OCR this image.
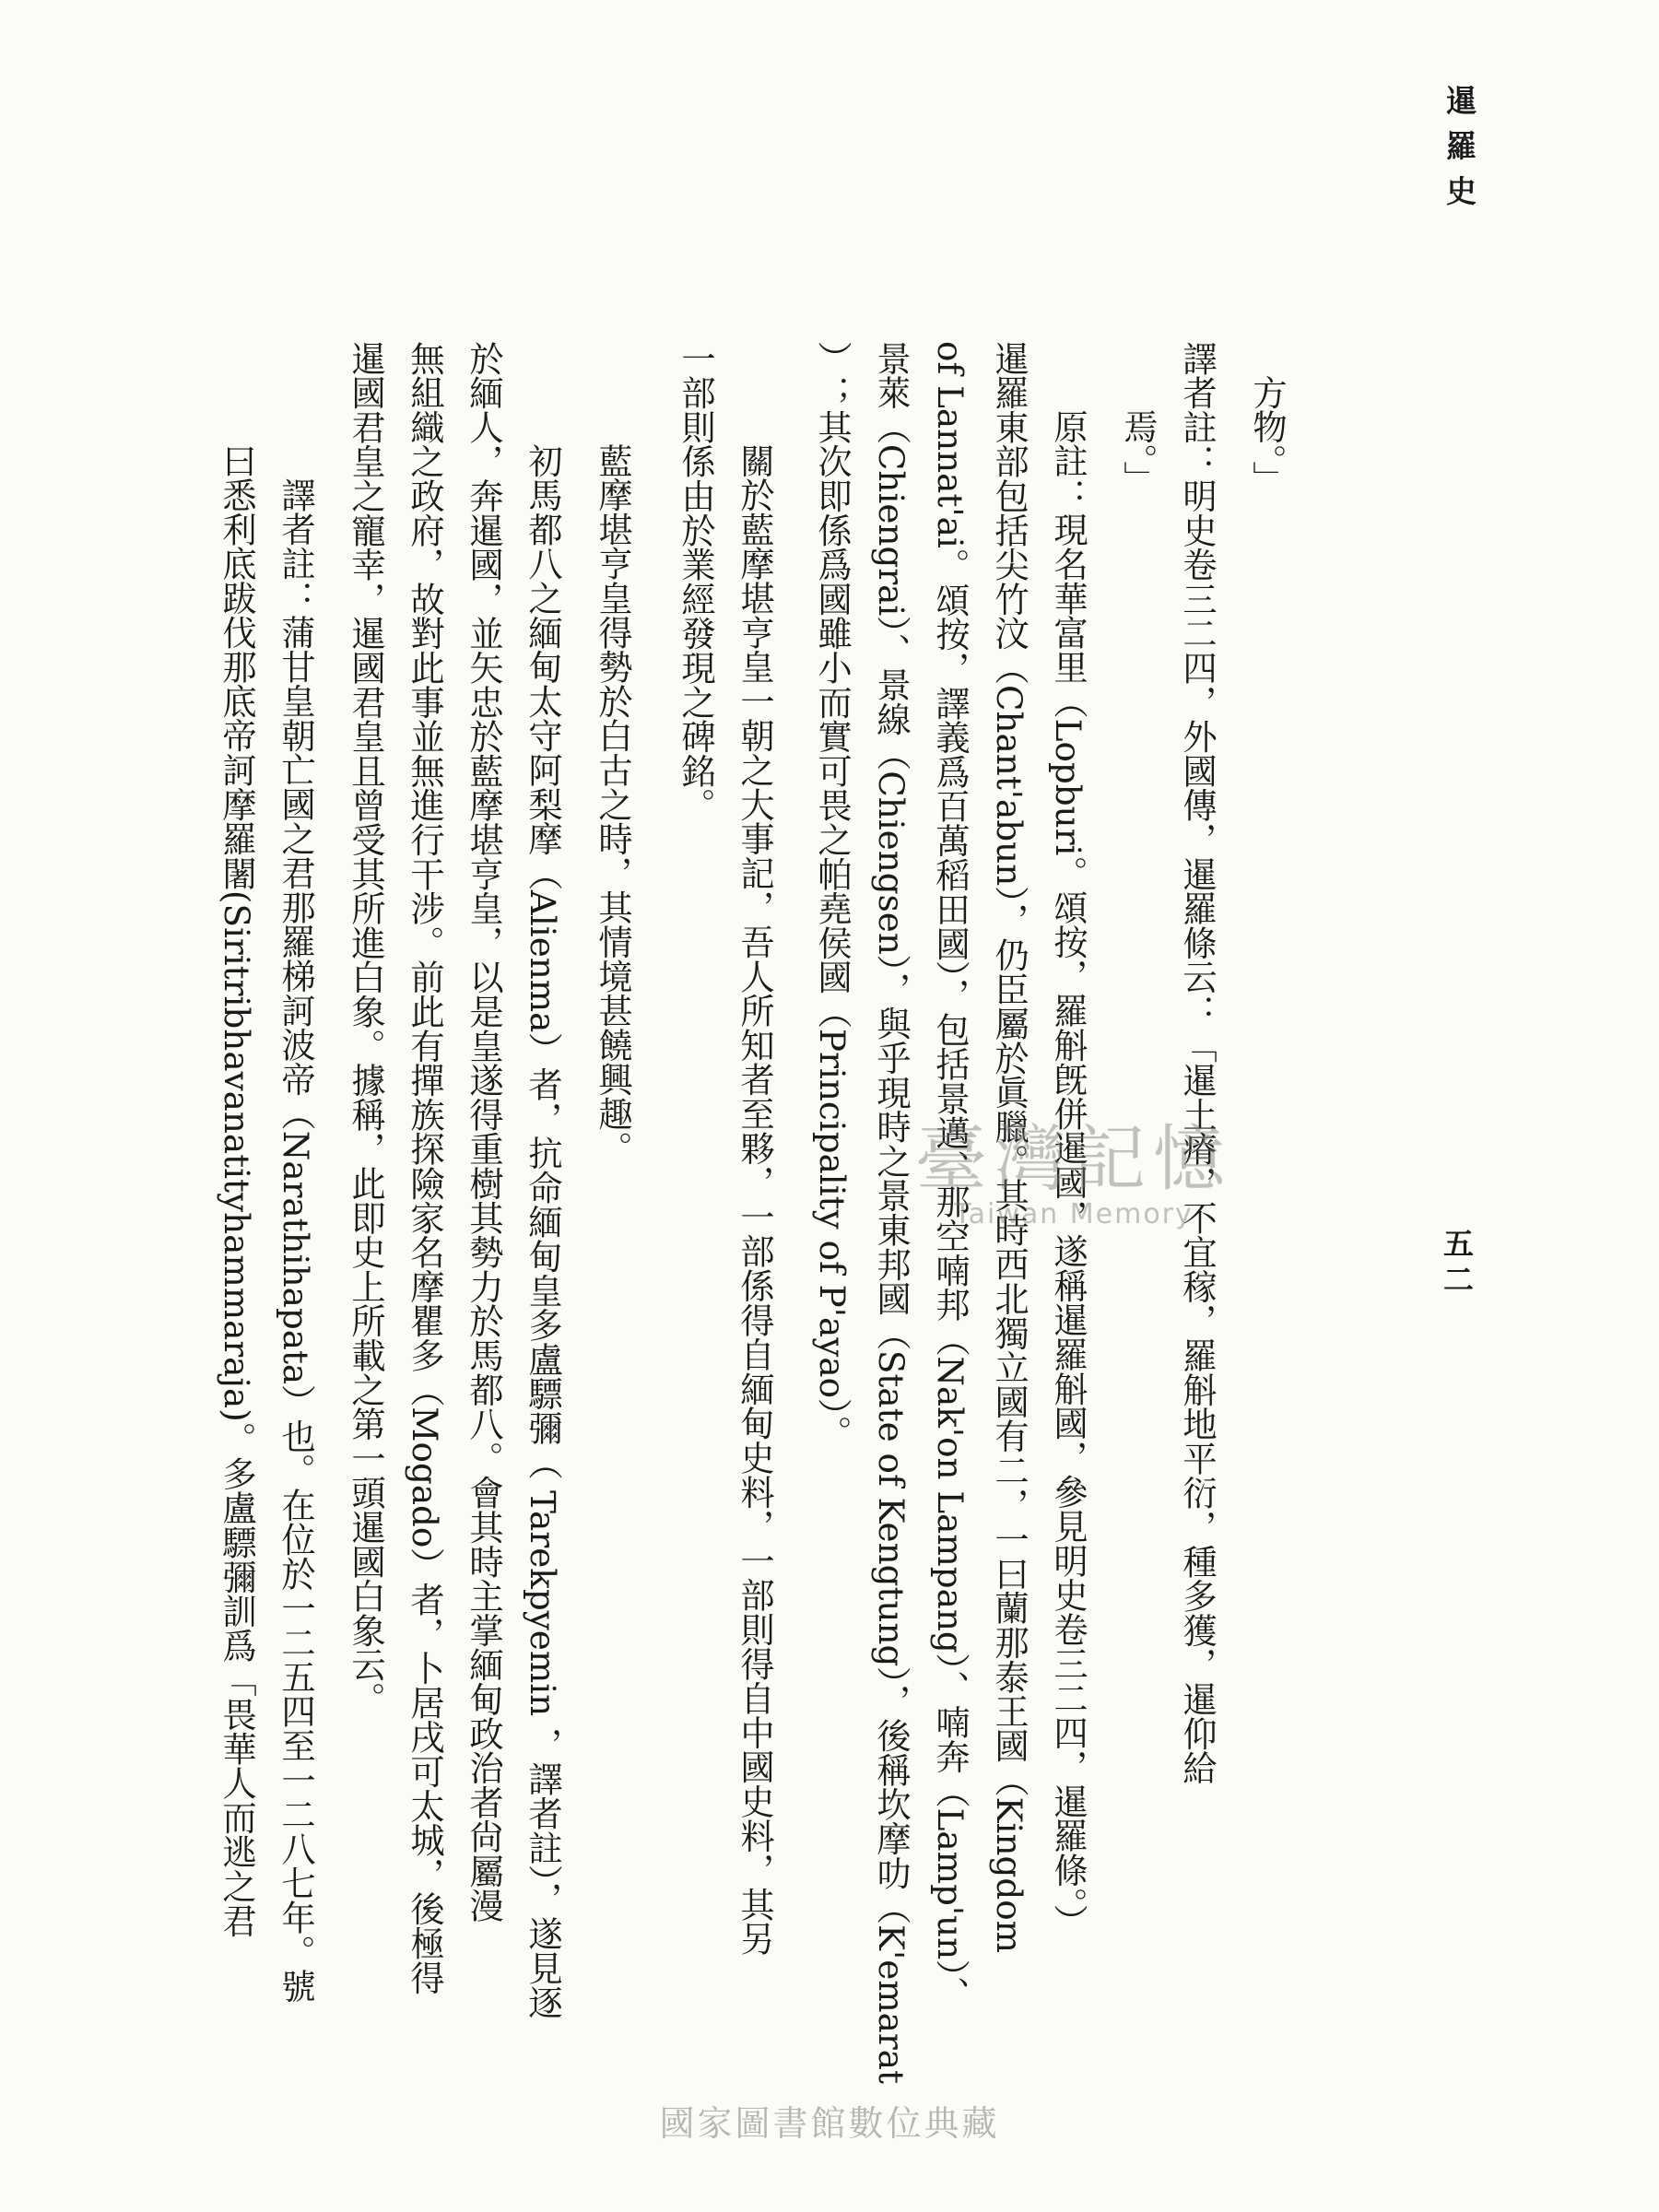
暹羅史
五二

方物。」

譯者註：明史卷三二四，外國傳，暹羅條云：「暹土瘠，不宜稼，羅斛地平衍，種多獲，暹仰給

焉。」

原註：現名華富里（Lopburi。頌按，羅斛旣併暹國，遂稱暹羅斛國，參見明史卷三二四，暹羅條。）

暹羅東部包括尖竹汶（Chant'abun），仍臣屬於眞臘。其時西北獨立國有二，一曰蘭那泰王國（Kingdom

of Lannat'ai。頌按，譯義爲百萬稻田國），包括景邁、那空喃邦（Nak'on Lampang）、喃奔（Lamp'un）、

景萊（Chiengrai）、景線（Chiengsen），與乎現時之景東邦國（State of Kengtung），後稱坎摩叻（K'emarat

）；其次即係爲國雖小而實可畏之帕堯侯國（Principality of P'ayao）。

關於藍摩堪亨皇一朝之大事記，吾人所知者至夥，一部係得自緬甸史料，一部則得自中國史料，其另

一部則係由於業經發現之碑銘。

藍摩堪亨皇得勢於白古之時，其情境甚饒興趣。

初馬都八之緬甸太守阿梨摩（Alienma）者，抗命緬甸皇多盧驃彌（ Tarekpyemin ，譯者註），遂見逐

於緬人，奔暹國，並矢忠於藍摩堪亨皇，以是皇遂得重樹其勢力於馬都八。會其時主掌緬甸政治者尙屬漫

無組織之政府，故對此事並無進行干涉。前此有撣族探險家名摩瞿多（Mogado）者，卜居戌可太城，後極得

暹國君皇之寵幸，暹國君皇且曾受其所進白象。據稱，此即史上所載之第一頭暹國白象云。

譯者註：蒲甘皇朝亡國之君那羅梯訶波帝（Narathihapata）也。在位於一二五四至一二八七年。號

曰悉利底跋伐那底帝訶摩羅闍(Siritribhavanatityhammaraja)。多盧驃彌訓爲「畏華人而逃之君	臺灣記憶
Taiwan Memory
國家圖書館數位典藏
